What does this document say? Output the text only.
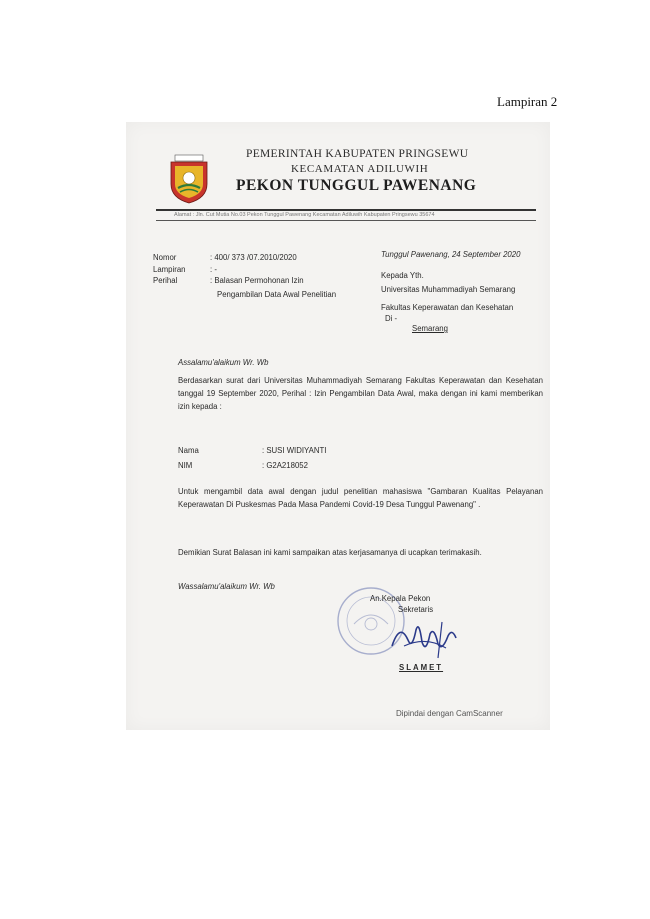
Lampiran 2
PEMERINTAH KABUPATEN PRINGSEWU
KECAMATAN ADILUWIH
PEKON TUNGGUL PAWENANG
Alamat : Jln. Cut Mutia No.03 Pekon Tunggul Pawenang Kecamatan Adiluwih Kabupaten Pringsewu 35674
Nomor	: 400/ 373 /07.2010/2020
Lampiran	: -
Perihal	: Balasan Permohonan Izin
Pengambilan Data Awal Penelitian
Tunggul Pawenang, 24 September 2020
Kepada Yth.
Universitas Muhammadiyah Semarang
Fakultas Keperawatan dan Kesehatan
Di -
Semarang
Assalamu'alaikum Wr. Wb
Berdasarkan surat dari Universitas Muhammadiyah Semarang Fakultas Keperawatan dan Kesehatan tanggal 19 September 2020, Perihal : Izin Pengambilan Data Awal, maka dengan ini kami memberikan izin kepada :
Nama	: SUSI WIDIYANTI
NIM	: G2A218052
Untuk mengambil data awal dengan judul penelitian mahasiswa "Gambaran Kualitas Pelayanan Keperawatan Di Puskesmas Pada Masa Pandemi Covid-19 Desa Tunggul Pawenang" .
Demikian Surat Balasan ini kami sampaikan atas kerjasamanya di ucapkan terimakasih.
Wassalamu'alaikum Wr. Wb
An.Kepala Pekon
Sekretaris
SLAMET
Dipindai dengan CamScanner
